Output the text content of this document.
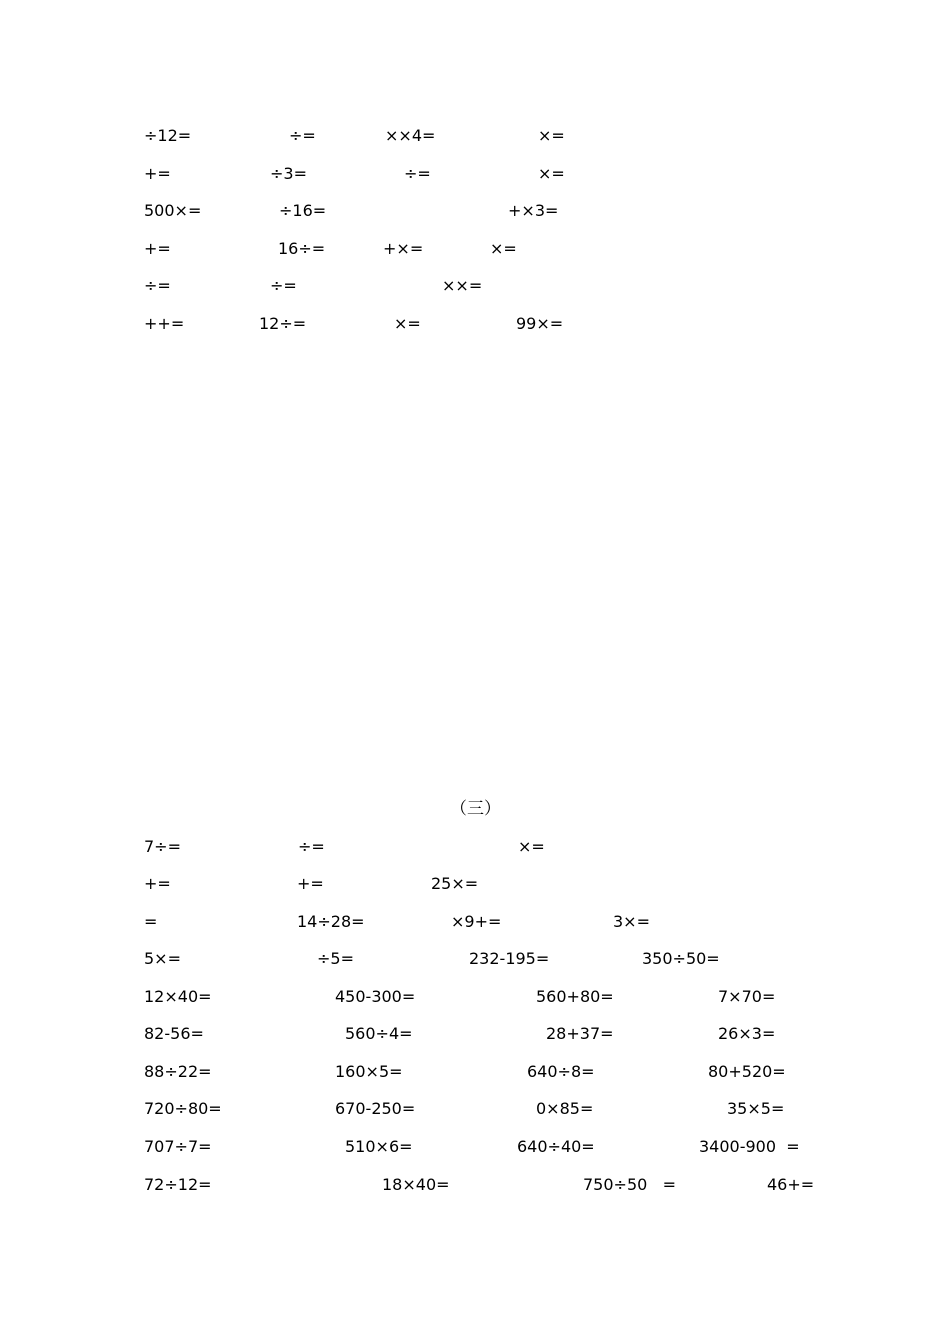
÷12=	÷=	××4=	×=
+=	÷3=	÷=	×=
500×=	÷16=	+×3=
+=	16÷=	+×=	×=
÷=	÷=	××=
++=	12÷=	×=	99×=
（三）
7÷=	÷=	×=
+=	+=	25×=
=	14÷28=	×9+=	3×=
5×=	÷5=	232-195=	350÷50=
12×40=	450-300=	560+80=	7×70=
82-56=	560÷4=	28+37=	26×3=
88÷22=	160×5=	640÷8=	80+520=
720÷80=	670-250=	0×85=	35×5=
707÷7=	510×6=	640÷40=	3400-900  =
72÷12=	18×40=	750÷50   =	46+=
